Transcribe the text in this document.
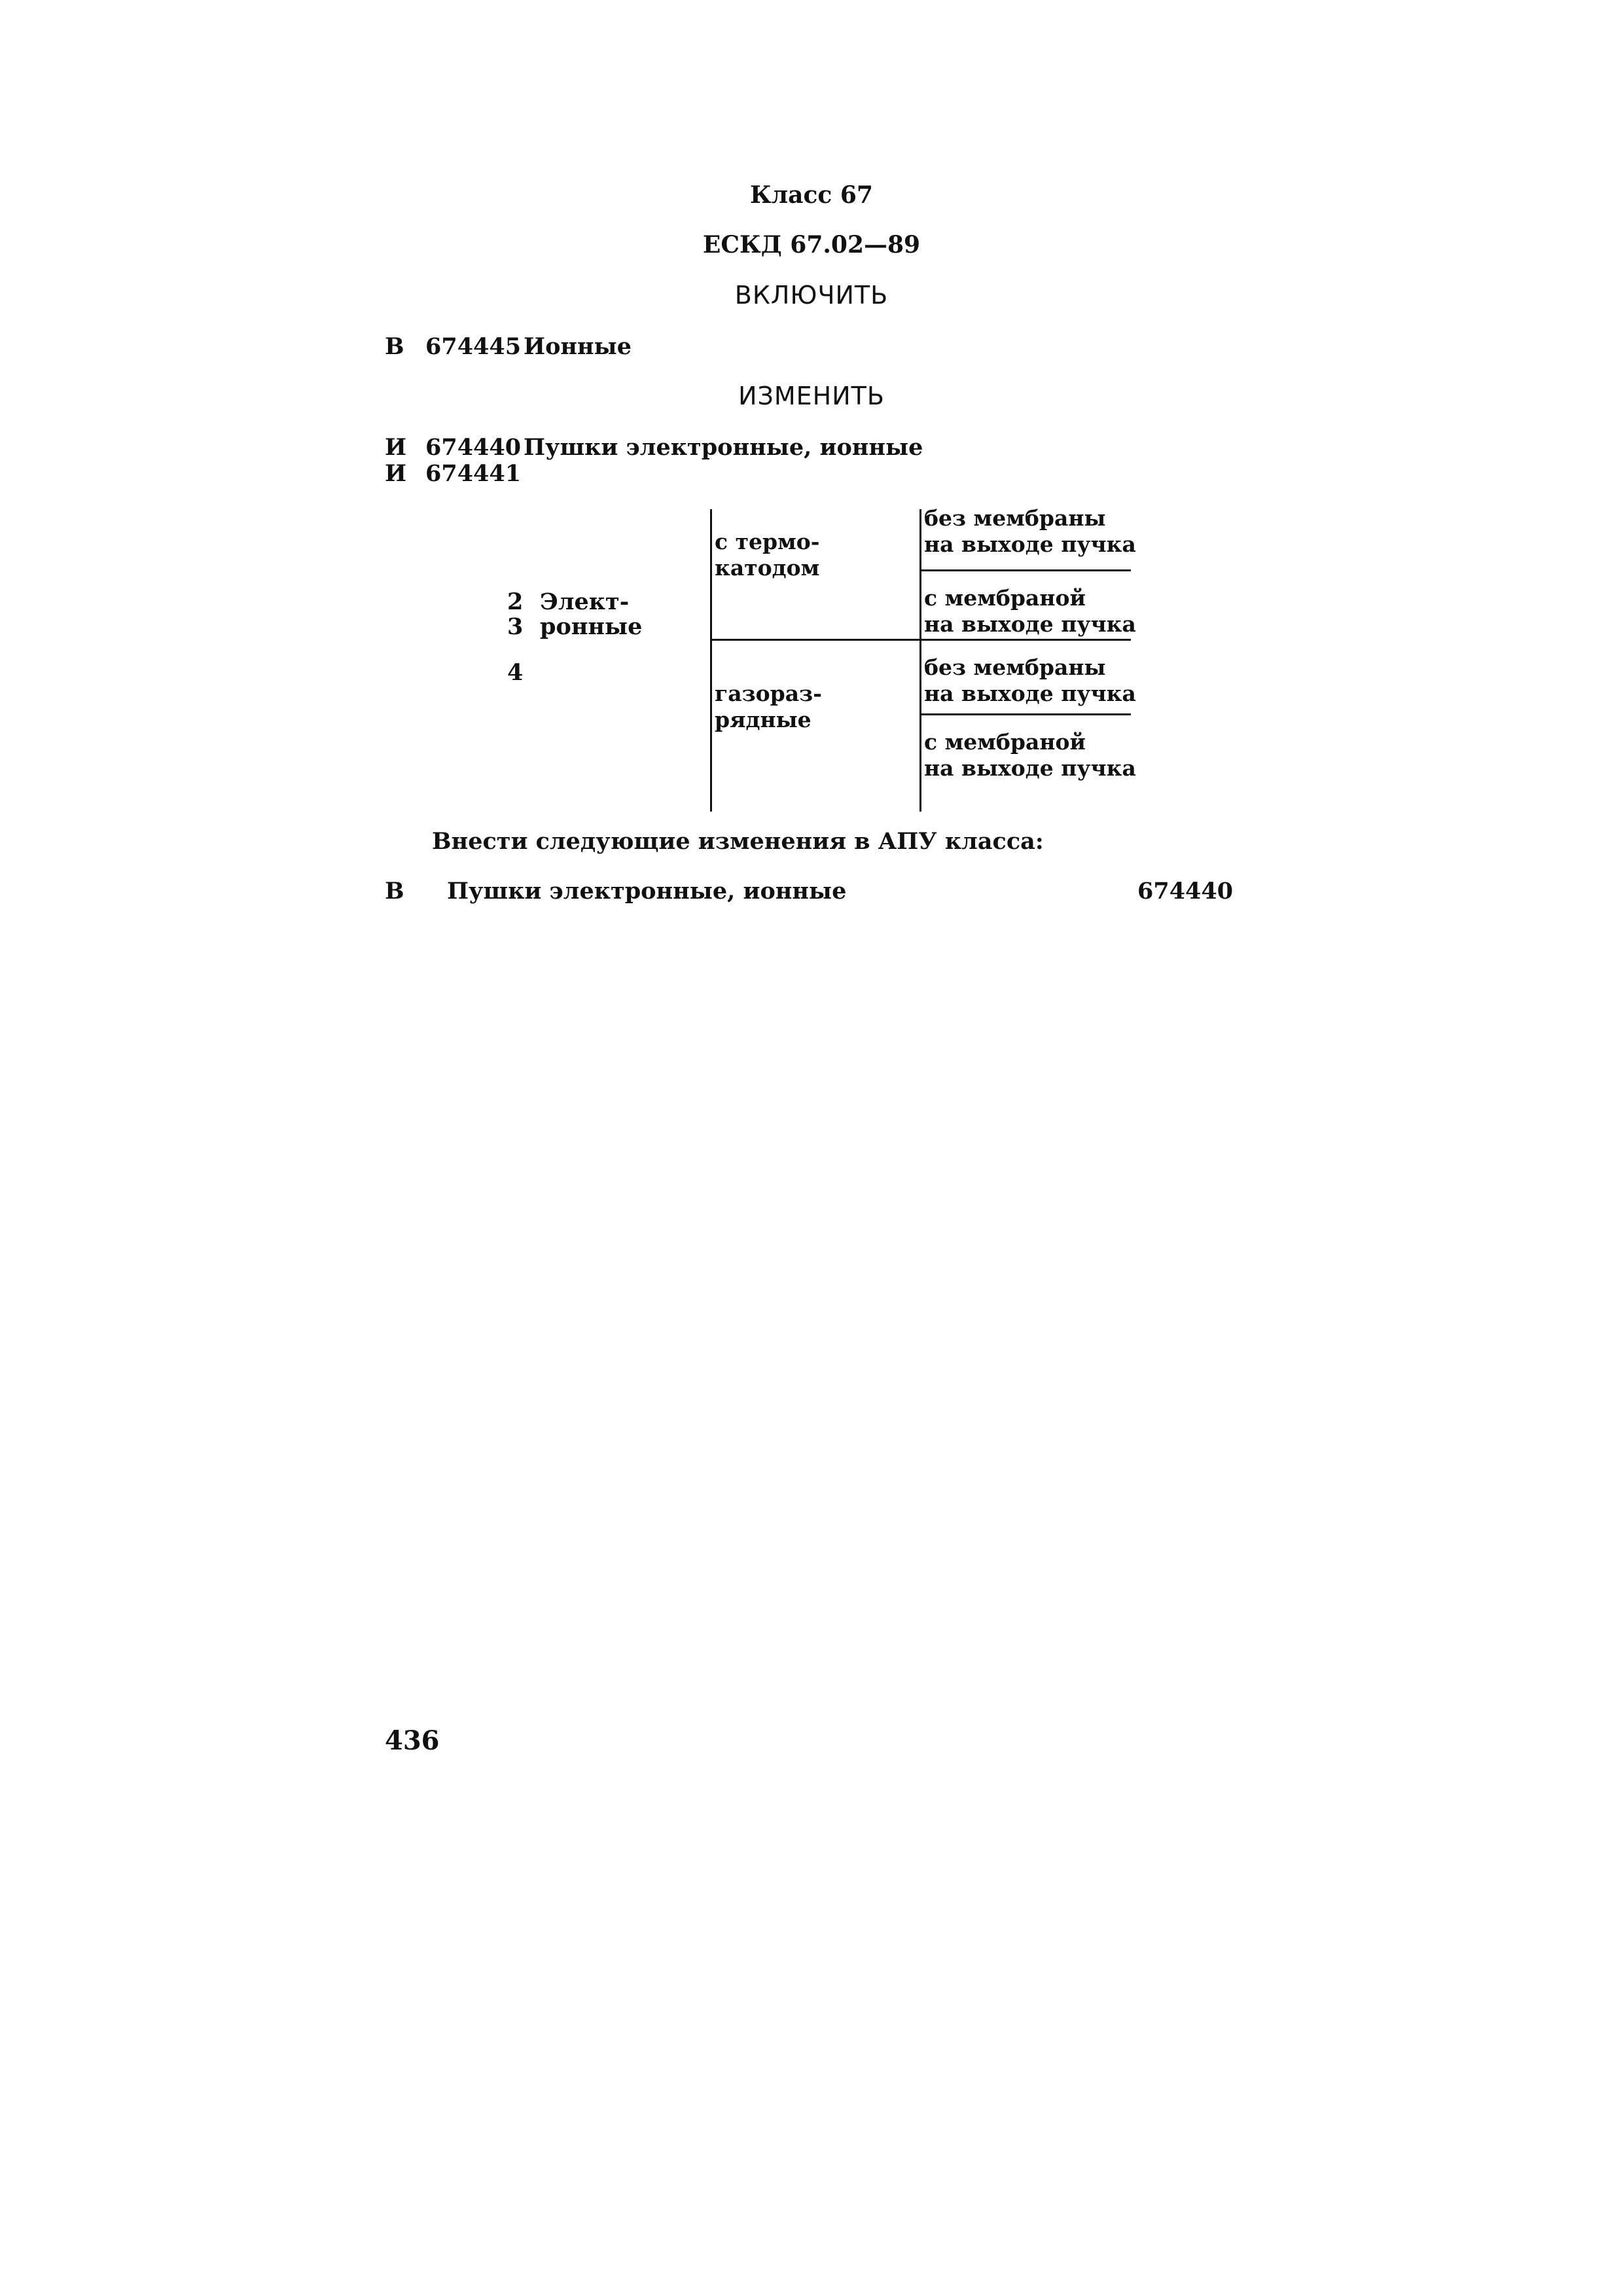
Класс 67
ЕСКД 67.02—89
ВКЛЮЧИТЬ
В 674445 Ионные
ИЗМЕНИТЬ
И 674440 Пушки электронные, ионные
И 674441
2
3
4
Элект-
ронные
с термо-
катодом
газораз-
рядные
без мембраны
на выходе пучка
с мембраной
на выходе пучка
без мембраны
на выходе пучка
с мембраной
на выходе пучка
Внести следующие изменения в АПУ класса:
В Пушки электронные, ионные	674440
436
